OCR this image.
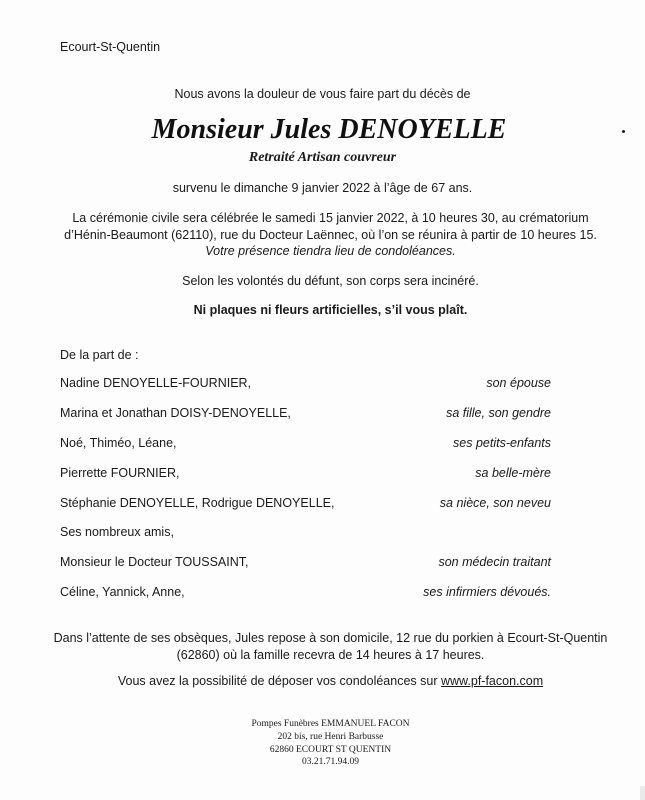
Ecourt-St-Quentin
Nous avons la douleur de vous faire part du décès de
Monsieur Jules DENOYELLE
Retraité Artisan couvreur
survenu le dimanche 9 janvier 2022 à l’âge de 67 ans.
La cérémonie civile sera célébrée le samedi 15 janvier 2022, à 10 heures 30, au crématorium
d’Hénin-Beaumont (62110), rue du Docteur Laënnec, où l’on se réunira à partir de 10 heures 15.
Votre présence tiendra lieu de condoléances.
Selon les volontés du défunt, son corps sera incinéré.
Ni plaques ni fleurs artificielles, s’il vous plaît.
De la part de :
Nadine DENOYELLE-FOURNIER,	son épouse
Marina et Jonathan DOISY-DENOYELLE,	sa fille, son gendre
Noé, Thiméo, Léane,	ses petits-enfants
Pierrette FOURNIER,	sa belle-mère
Stéphanie DENOYELLE, Rodrigue DENOYELLE,	sa nièce, son neveu
Ses nombreux amis,
Monsieur le Docteur TOUSSAINT,	son médecin traitant
Céline, Yannick, Anne,	ses infirmiers dévoués.
Dans l’attente de ses obsèques, Jules repose à son domicile, 12 rue du porkien à Ecourt-St-Quentin
(62860) où la famille recevra de 14 heures à 17 heures.
Vous avez la possibilité de déposer vos condoléances sur www.pf-facon.com
Pompes Funèbres EMMANUEL FACON
202 bis, rue Henri Barbusse
62860 ECOURT ST QUENTIN
03.21.71.94.09
